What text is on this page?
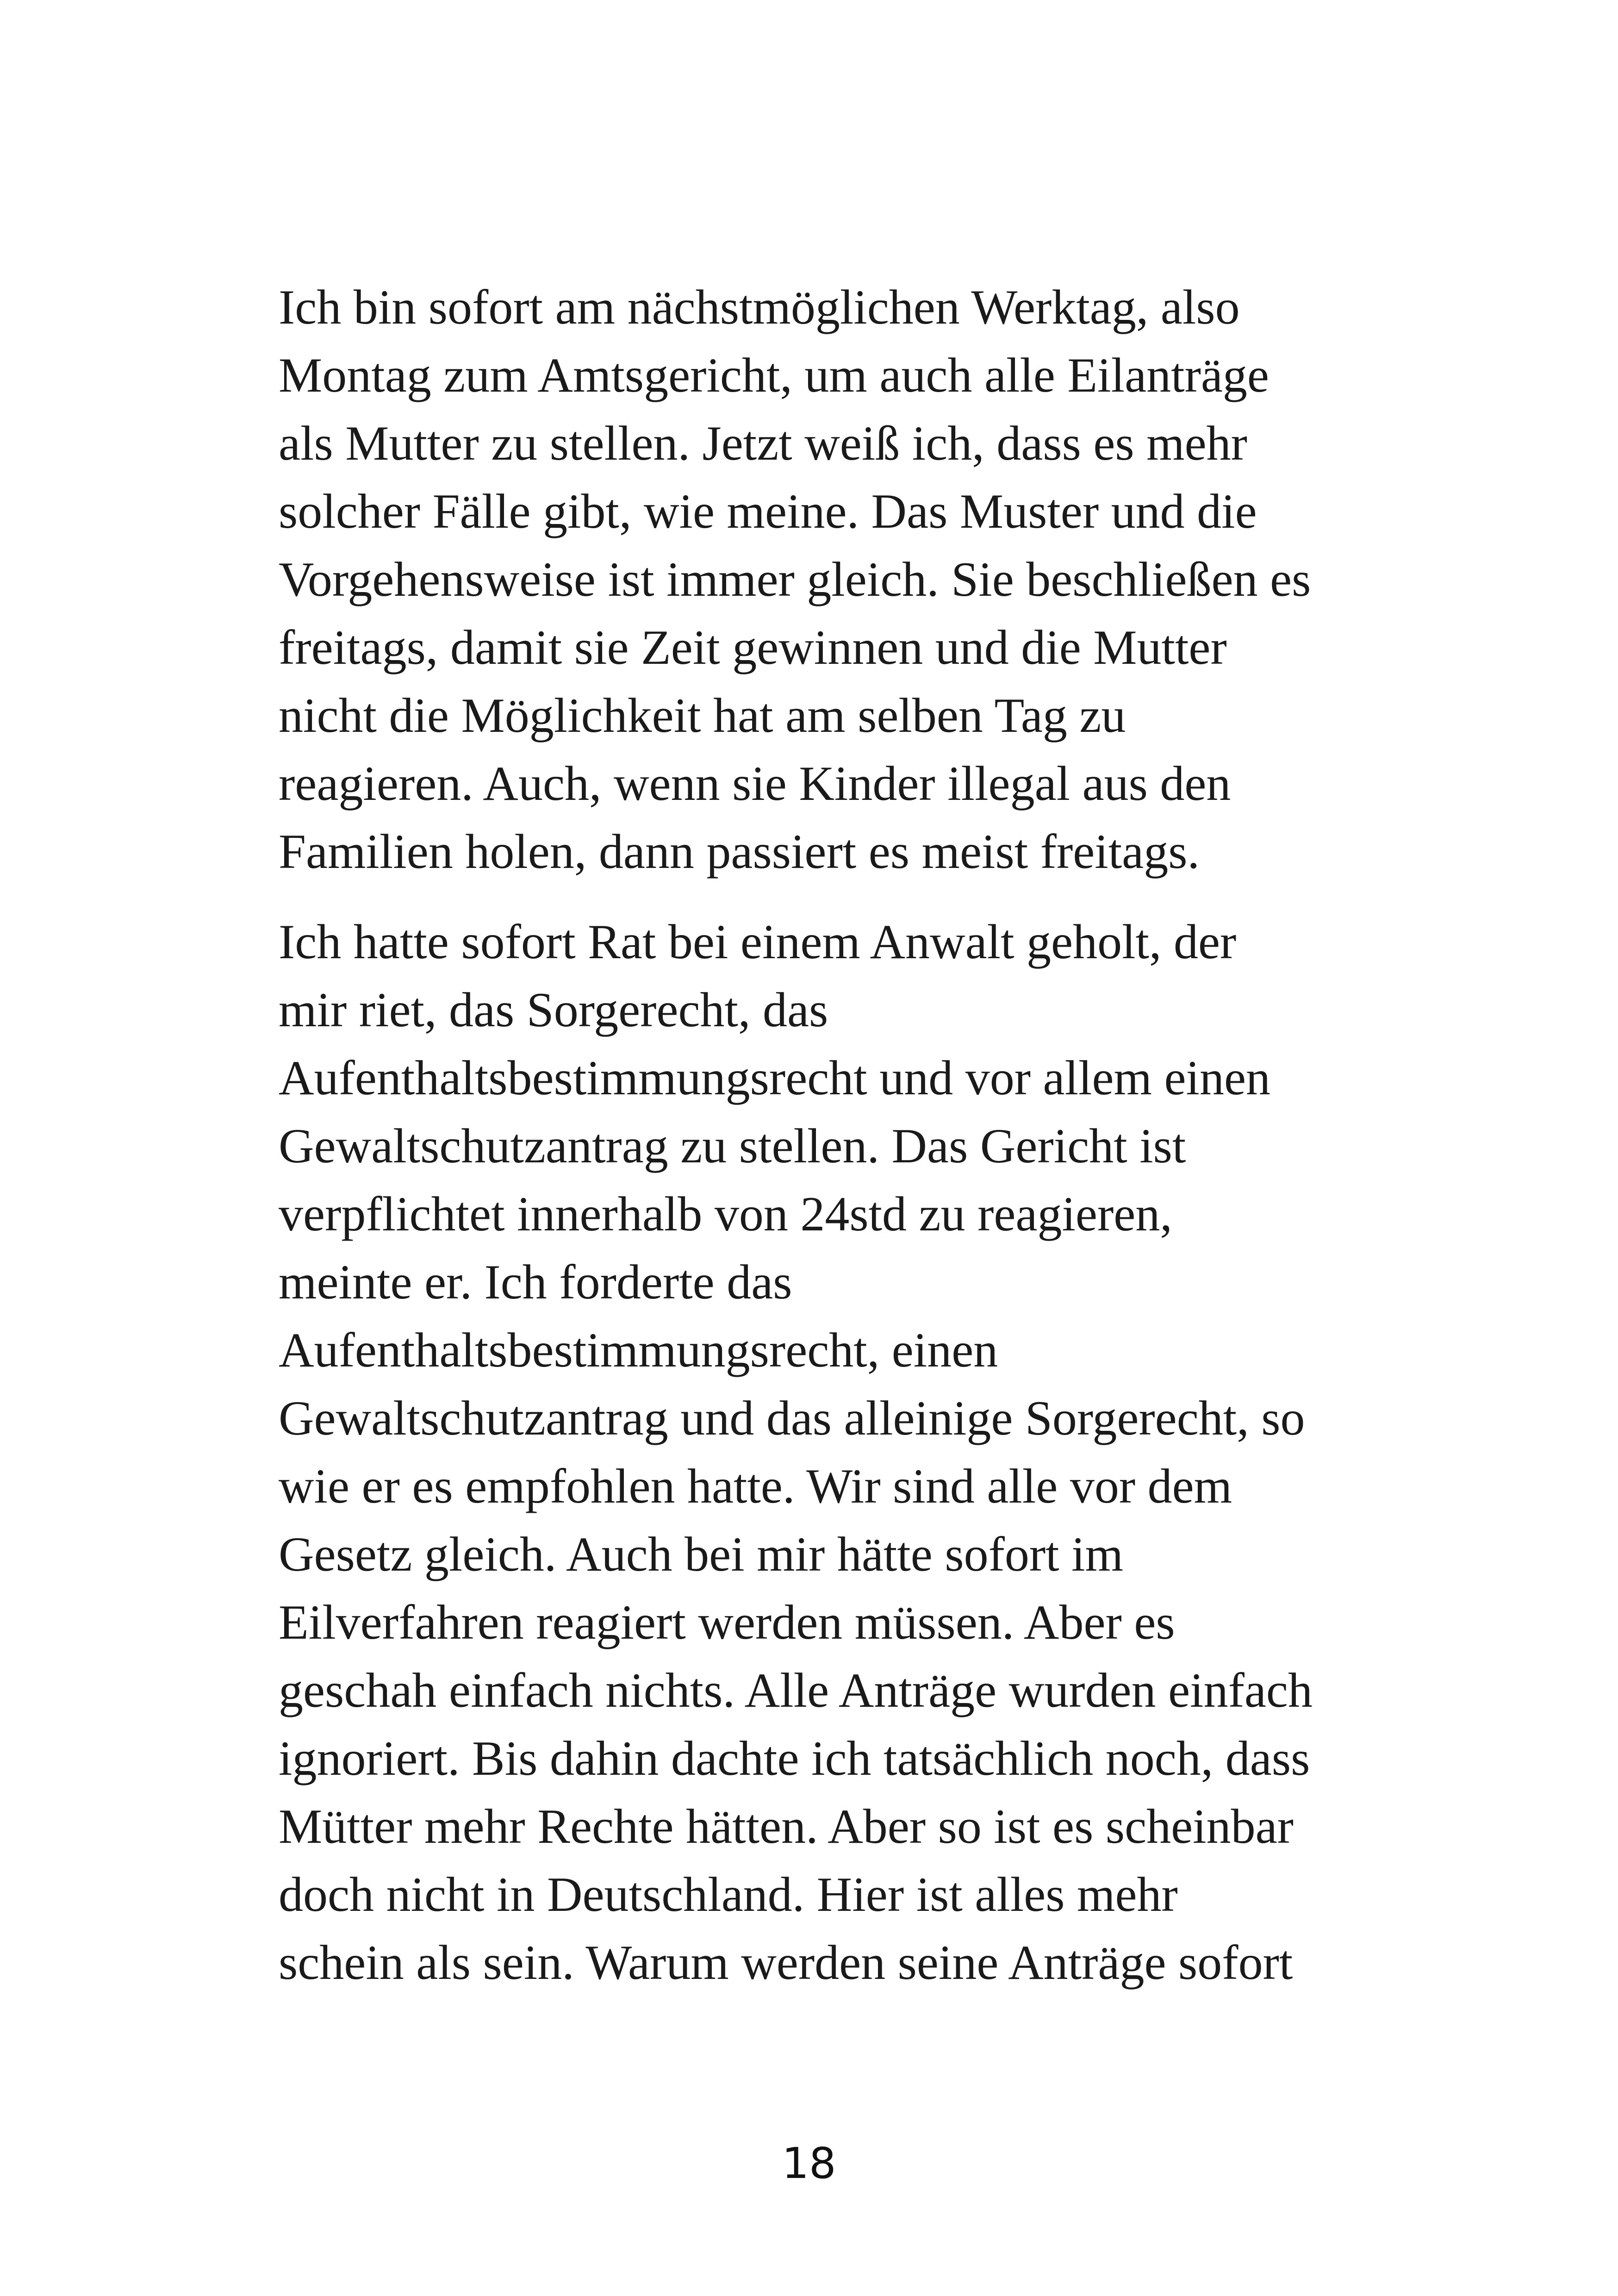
Ich bin sofort am nächstmöglichen Werktag, also
Montag zum Amtsgericht, um auch alle Eilanträge
als Mutter zu stellen. Jetzt weiß ich, dass es mehr
solcher Fälle gibt, wie meine. Das Muster und die
Vorgehensweise ist immer gleich. Sie beschließen es
freitags, damit sie Zeit gewinnen und die Mutter
nicht die Möglichkeit hat am selben Tag zu
reagieren. Auch, wenn sie Kinder illegal aus den
Familien holen, dann passiert es meist freitags.
Ich hatte sofort Rat bei einem Anwalt geholt, der
mir riet, das Sorgerecht, das
Aufenthaltsbestimmungsrecht und vor allem einen
Gewaltschutzantrag zu stellen. Das Gericht ist
verpflichtet innerhalb von 24std zu reagieren,
meinte er. Ich forderte das
Aufenthaltsbestimmungsrecht, einen
Gewaltschutzantrag und das alleinige Sorgerecht, so
wie er es empfohlen hatte. Wir sind alle vor dem
Gesetz gleich. Auch bei mir hätte sofort im
Eilverfahren reagiert werden müssen. Aber es
geschah einfach nichts. Alle Anträge wurden einfach
ignoriert. Bis dahin dachte ich tatsächlich noch, dass
Mütter mehr Rechte hätten. Aber so ist es scheinbar
doch nicht in Deutschland. Hier ist alles mehr
schein als sein. Warum werden seine Anträge sofort
18
